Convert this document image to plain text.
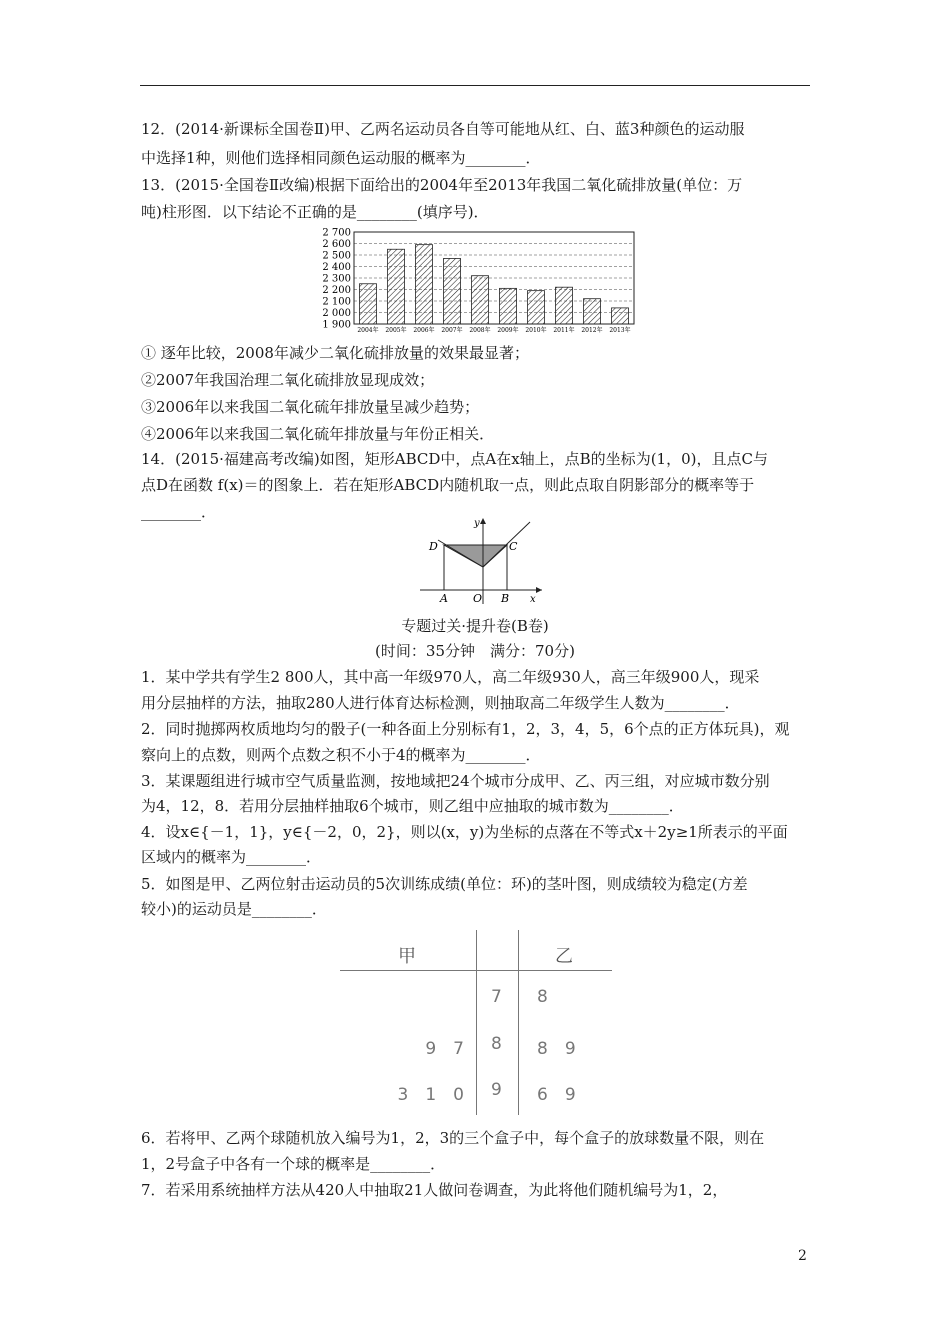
12．(2014·新课标全国卷Ⅱ)甲、乙两名运动员各自等可能地从红、白、蓝3种颜色的运动服
中选择1种，则他们选择相同颜色运动服的概率为________．
13．(2015·全国卷Ⅱ改编)根据下面给出的2004年至2013年我国二氧化硫排放量(单位：万
吨)柱形图．以下结论不正确的是________(填序号)．
1 900
2 000
2 100
2 200
2 300
2 400
2 500
2 600
2 700
2004年 2005年 2006年 2007年 2008年 2009年 2010年 2011年 2012年 2013年
① 逐年比较，2008年减少二氧化硫排放量的效果最显著；
②2007年我国治理二氧化硫排放显现成效；
③2006年以来我国二氧化硫年排放量呈减少趋势；
④2006年以来我国二氧化硫年排放量与年份正相关．
14．(2015·福建高考改编)如图，矩形ABCD中，点A在x轴上，点B的坐标为(1，0)，且点C与
点D在函数 f(x)＝的图象上．若在矩形ABCD内随机取一点，则此点取自阴影部分的概率等于
________．
y
x
D	C
A O B
专题过关·提升卷(B卷)
(时间：35分钟　满分：70分)
1．某中学共有学生2 800人，其中高一年级970人，高二年级930人，高三年级900人，现采
用分层抽样的方法，抽取280人进行体育达标检测，则抽取高二年级学生人数为________．
2．同时抛掷两枚质地均匀的骰子(一种各面上分别标有1，2，3，4，5，6个点的正方体玩具)，观
察向上的点数，则两个点数之积不小于4的概率为________．
3．某课题组进行城市空气质量监测，按地域把24个城市分成甲、乙、丙三组，对应城市数分别
为4，12，8．若用分层抽样抽取6个城市，则乙组中应抽取的城市数为________．
4．设x∈{－1，1}，y∈{－2，0，2}，则以(x，y)为坐标的点落在不等式x＋2y≥1所表示的平面
区域内的概率为________．
5．如图是甲、乙两位射击运动员的5次训练成绩(单位：环)的茎叶图，则成绩较为稳定(方差
较小)的运动员是________．
甲	乙
7 8
9　7 8 8　9
3　1　0 9 6　9
6．若将甲、乙两个球随机放入编号为1，2，3的三个盒子中，每个盒子的放球数量不限，则在
1，2号盒子中各有一个球的概率是________．
7．若采用系统抽样方法从420人中抽取21人做问卷调查，为此将他们随机编号为1，2，
2
